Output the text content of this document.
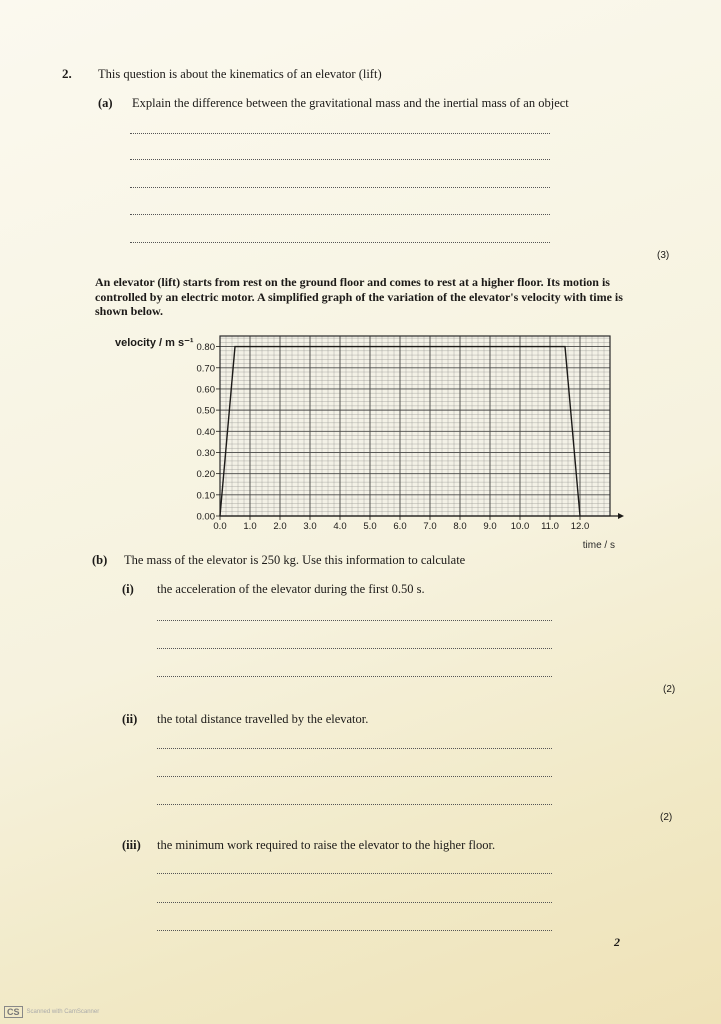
2. This question is about the kinematics of an elevator (lift)
(a) Explain the difference between the gravitational mass and the inertial mass of an object
(3)
An elevator (lift) starts from rest on the ground floor and comes to rest at a higher floor. Its motion is controlled by an electric motor. A simplified graph of the variation of the elevator's velocity with time is shown below.
velocity / m s⁻¹
time / s
0.0 1.0 2.0 3.0 4.0 5.0 6.0 7.0 8.0 9.0 10.0 11.0 12.0
0.00
0.10
0.20
0.30
0.40
0.50
0.60
0.70
0.80
(b) The mass of the elevator is 250 kg. Use this information to calculate
(i) the acceleration of the elevator during the first 0.50 s.
(2)
(ii) the total distance travelled by the elevator.
(2)
(iii) the minimum work required to raise the elevator to the higher floor.
2
CS	Scanned with CamScanner
